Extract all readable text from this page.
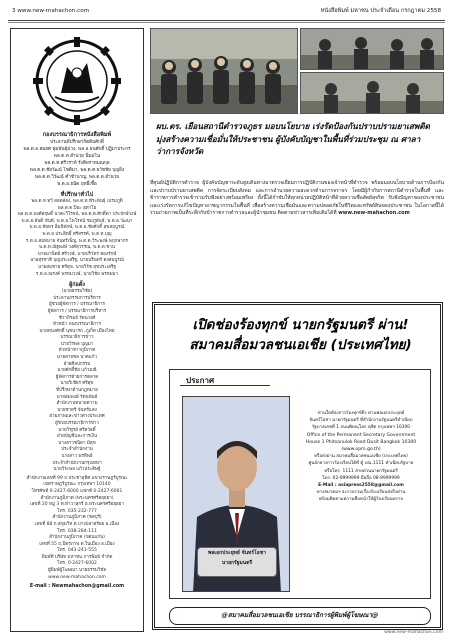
3 www.new-mahachon.com	หนังสือพิมพ์ มหาชน ประจำเดือน กรกฎาคม 2558
กองบรรณาธิการหนังสือพิมพ์
ประธานที่ปรึกษากิตติมศักดิ์
พล.ต.อ.สมยศ พุ่มพันธุ์ม่วง, พล.อ.ธนศักดิ์ ปฏิมาประกร
พล.ต.ท.อำนวย นิ่มมโน
พล.ต.ท.ศรีวราห์ รังสิพราหมณกุล
พล.ต.ต.ชัยวัฒน์ โชติมา, พล.ต.ต.ธวัชชัย บุญยิ่ง
พล.ต.ต.วิวัฒน์ คำชำนาญ, พล.ต.ต.อำนวย
พ.ต.อ.ธนิต ฤทธิ์เชื้อ
ที่ปรึกษาทั่วไป
พล.ต.ท.ทวี สอดส่อง, พล.ต.ท.พีระพันธุ์ เปรมภูติ
พล.ต.ต.ปิยะ อุทาโย
พล.ต.ต.พงศ์สฤษดิ์ นาคะวิโรจน์, พล.ต.ต.ศักดิ์ดา ประจักษ์วงษ์
พ.ต.อ.สันติ ขันตี, พ.ต.อ.ไพโรจน์ ชมภูพันธ์, พ.ต.อ.วัฒนา
พ.ต.อ.ชัยพร อิ่มพิทักษ์, พ.ต.อ.ชัยศักดิ์ สุขสมบูรณ์
พ.ต.อ.ประสิทธิ์ ศรีสรรค์, พ.ต.ท.บุญ
ร.ต.อ.สมหมาย จันทร์เพ็ญ, พ.ต.ต.วีระพงษ์ พฤกษากร
พ.ต.ท.ณัฐพงษ์ วงศ์สุวรรณ, พ.ต.ต.ชวน
นายมานิตย์ ศรีวงษ์, นายปริวัตร ทองรักษ์
นายสุรชาติ บุญประเสริฐ, นายนรินทร์ คงสมบูรณ์
นายสมชาย ศรีสุข, นายวิรัช สุขประเสริฐ
ร.ต.อ.ณรงค์ พรหมวงษ์, นายวิชัย พรหมมา
ผู้ก่อตั้ง
(นายธรรมวิชัย)
ประธานกรรมการบริหาร
ผู้ช่วยผู้จัดการ / บรรณาธิการ
ผู้จัดการ / บรรณาธิการบริหาร
ชีวาภิรมย์ รัตนวงศ์
หัวหน้า กองบรรณาธิการ
นายทนงศักดิ์ นุชนารถ ,ภูเก็ต เมืองไทย
บรรณาธิการข่าว
นายวีรพล บุญมา
หัวหน้าข่าวภูมิภาค
นายสายชล นาคแก้ว
ฝ่ายศิลปกรรม
นายศักดิ์ชัย แก้วมณี
ผู้จัดการฝ่ายการตลาด
นายวิเชียร ศรีสุข
ที่ปรึกษาด้านกฎหมาย
นายสมพงษ์ รัตนพันธ์
สำนักงานทนายความ
นายชาตรี จันทร์แสง
ฝ่ายภาพและข่าวต่างประเทศ
ผู้ช่วยบรรณาธิการข่าว
นายวิฑูรย์ ศรีสวัสดิ์
ฝ่ายบัญชีและการเงิน
นางสาวชนิดา มีสุข
ประจำสำนักงาน
นางสาว พรทิพย์
ประจำสำนักงานกรุงเทพฯ
นายวีระพล แก้วประดิษฐ์
สำนักงานเลขที่ 99 ถ.ประชาอุทิศ แขวงราษฎร์บูรณะ
เขตราษฎร์บูรณะ กรุงเทพฯ 10140
โทรศัพท์ 0-2427-6000 แฟกซ์ 0-2427-6001
สำนักงานภูมิภาค (พระนครศรีอยุธยา)
เลขที่ 20 หมู่ 3 ต.ท่าวาสุกรี อ.พระนครศรีอยุธยา
โทร. 035-232-777
สำนักงานภูมิภาค (ชลบุรี)
เลขที่ 88 ถ.สุขุมวิท ต.บางปลาสร้อย อ.เมือง
โทร. 038-284-111
สำนักงานภูมิภาค (ขอนแก่น)
เลขที่ 55 ถ.มิตรภาพ ต.ในเมือง อ.เมือง
โทร. 043-241-555
พิมพ์ที่ บริษัท มหาชน การพิมพ์ จำกัด
โทร. 0-2427-6002
ผู้พิมพ์ผู้โฆษณา นายธรรมวิชัย
www.new-mahachon.com
E-mail : Newmahachon@gmail.com
ผบ.ตร. เยือนสถานีตำรวจภูธร มอบนโยบาย เร่งรัดป้องกันปราบปรามยาเสพติด มุ่งสร้างความเชื่อมั่นให้ประชาชน ผู้บังคับบัญชาในพื้นที่ร่วมประชุม ณ ศาลาว่าการจังหวัด
ที่ศูนย์ปฏิบัติการตำรวจ ผู้บังคับบัญชาระดับสูงเดินทางมาตรวจเยี่ยมการปฏิบัติงานของเจ้าหน้าที่ตำรวจ พร้อมมอบนโยบายด้านการป้องกันและปราบปรามยาเสพติด การจัดระเบียบสังคม และการอำนวยความสะดวกด้านการจราจร โดยมีผู้กำกับการสถานีตำรวจในพื้นที่ และข้าราชการตำรวจเข้าร่วมรับฟังอย่างพร้อมเพรียง ทั้งนี้ได้กำชับให้ทุกหน่วยปฏิบัติหน้าที่ด้วยความซื่อสัตย์สุจริต รับฟังปัญหาของประชาชน และเร่งรัดการแก้ไขปัญหาอาชญากรรมในพื้นที่ เพื่อสร้างความเชื่อมั่นและความปลอดภัยในชีวิตและทรัพย์สินของประชาชน ในโอกาสนี้ได้ร่วมถ่ายภาพเป็นที่ระลึกกับข้าราชการตำรวจและผู้นำชุมชน ติดตามข่าวสารเพิ่มเติมได้ที่ www.new-mahachon.com
เปิดช่องร้องทุกข์ นายกรัฐมนตรี ผ่าน!
สมาคมสื่อมวลชนเอเชีย (ประเทศไทย)
ประกาศ
พลเอกประยุทธ์ จันทร์โอชา
นายกรัฐมนตรี
ท่านใดต้องการร้องทุกข์ถึง ท่านพลเอกประยุทธ์
จันทร์โอชา นายกรัฐมนตรี ที่สำนักงานรัฐมนตรีทำเนียบ
รัฐบาลเลขที่ 1 ถนนพิษณุโลก ดุสิต กรุงเทพฯ 10300
Office of the Permanent Secretary Government
House 1 Phitsanulok Road Dusit Bangkok 10300
(www.opm.go.th)
หรือส่งผ่าน สมาคมสื่อมวลชนเอเชีย (ประเทศไทย)
ศูนย์กลางการร้องเรียนได้ที่ ตู้ ปณ.1111 ทำเนียบรัฐบาล
หรือโทร. 1111 สายด่วนนายกรัฐมนตรี
โทร. 02-9999999 มือถือ 08-9999999
E-Mail : asiapress2558@gmail.com
ทางสมาคมฯ จะรวบรวมเรื่องร้องเรียนส่งถึงท่าน
พร้อมติดตามความคืบหน้าให้ผู้ร้องเรียนทราบ
@สมาคมสื่อมวลชนเอเชีย บรรณาธิการผู้พิมพ์ผู้โฆษณา@
www.new-mahachon.com
